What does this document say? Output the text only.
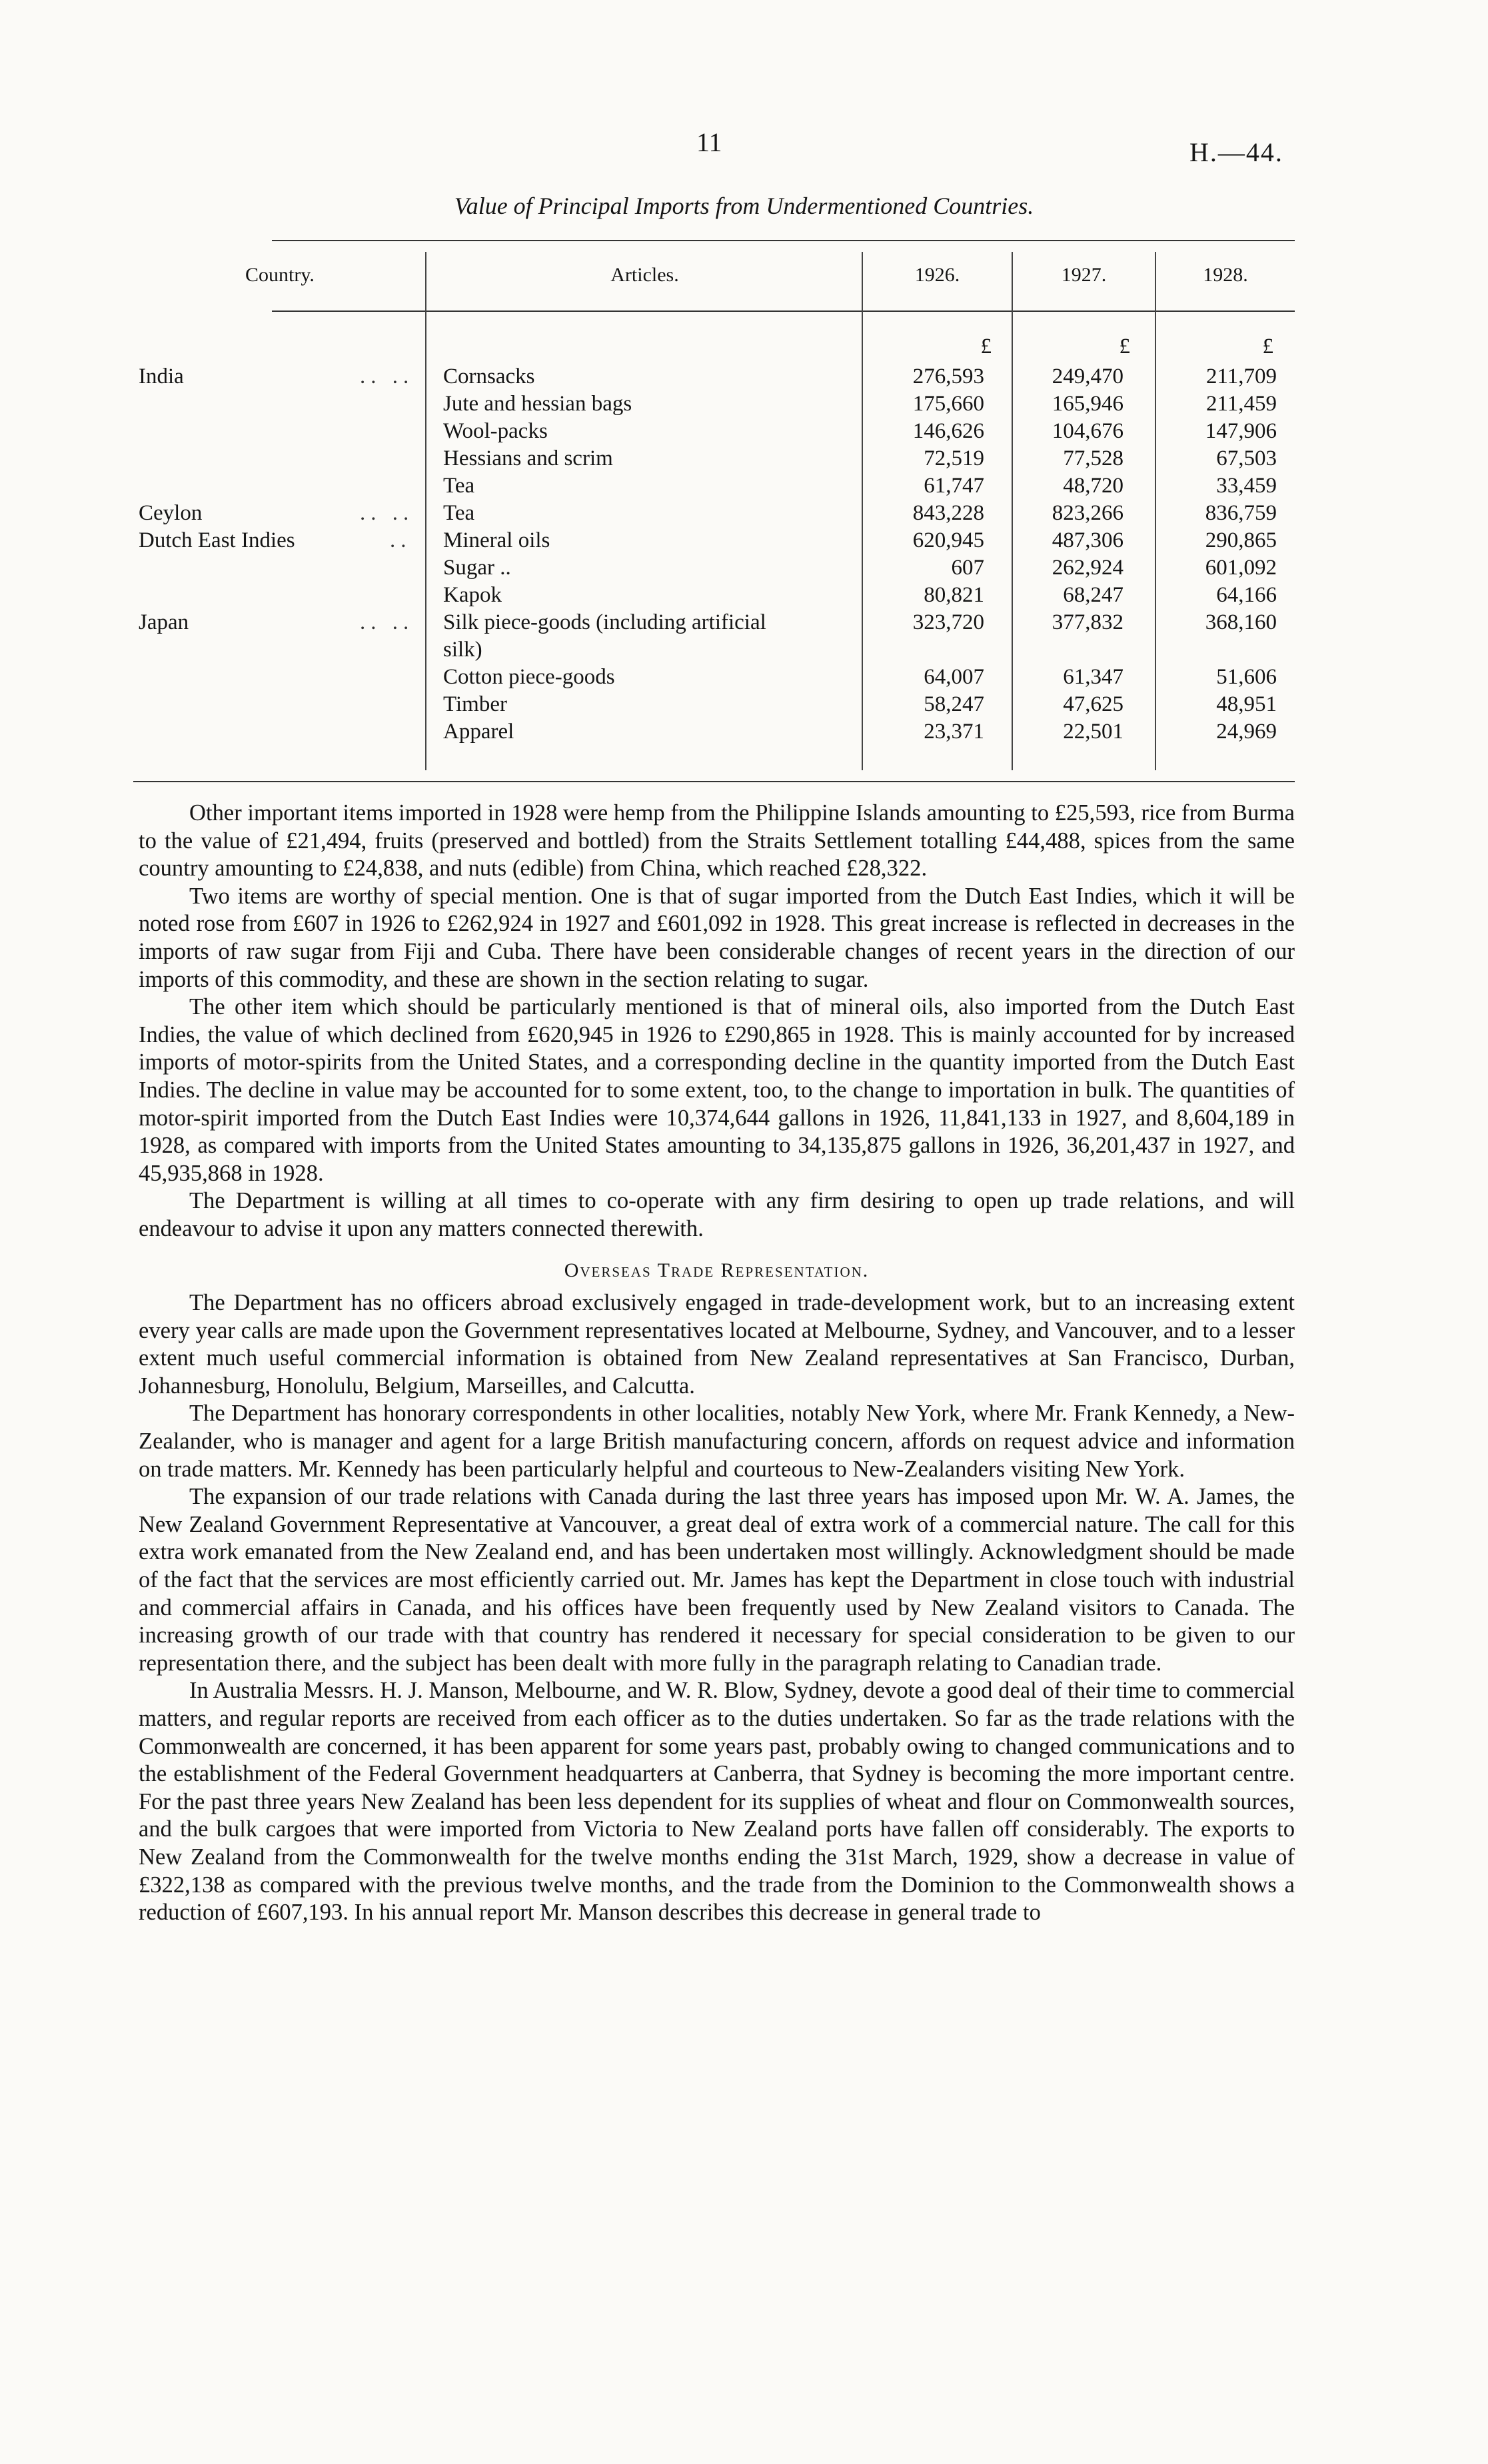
11	H.—44.
Value of Principal Imports from Undermentioned Countries.
Country.	Articles.	1926.	1927.	1928.
£	£	£
India	.. .. Cornsacks	276,593	249,470	211,709
Jute and hessian bags	175,660	165,946	211,459
Wool-packs	146,626	104,676	147,906
Hessians and scrim	72,519	77,528	67,503
Tea	61,747	48,720	33,459
Ceylon	.. .. Tea	843,228	823,266	836,759
Dutch East Indies	.. Mineral oils	620,945	487,306	290,865
Sugar ..	607	262,924	601,092
Kapok	80,821	68,247	64,166
Japan	.. .. Silk piece-goods (including artificial	323,720	377,832	368,160
silk)
Cotton piece-goods	64,007	61,347	51,606
Timber	58,247	47,625	48,951
Apparel	23,371	22,501	24,969

Other important items imported in 1928 were hemp from the Philippine Islands amounting to £25,593, rice from Burma to the value of £21,494, fruits (preserved and bottled) from the Straits Settlement totalling £44,488, spices from the same country amounting to £24,838, and nuts (edible) from China, which reached £28,322.

Two items are worthy of special mention. One is that of sugar imported from the Dutch East Indies, which it will be noted rose from £607 in 1926 to £262,924 in 1927 and £601,092 in 1928. This great increase is reflected in decreases in the imports of raw sugar from Fiji and Cuba. There have been considerable changes of recent years in the direction of our imports of this commodity, and these are shown in the section relating to sugar.

The other item which should be particularly mentioned is that of mineral oils, also imported from the Dutch East Indies, the value of which declined from £620,945 in 1926 to £290,865 in 1928. This is mainly accounted for by increased imports of motor-spirits from the United States, and a corresponding decline in the quantity imported from the Dutch East Indies. The decline in value may be accounted for to some extent, too, to the change to importation in bulk. The quantities of motor-spirit imported from the Dutch East Indies were 10,374,644 gallons in 1926, 11,841,133 in 1927, and 8,604,189 in 1928, as compared with imports from the United States amounting to 34,135,875 gallons in 1926, 36,201,437 in 1927, and 45,935,868 in 1928.

The Department is willing at all times to co-operate with any firm desiring to open up trade relations, and will endeavour to advise it upon any matters connected therewith.

Overseas Trade Representation.

The Department has no officers abroad exclusively engaged in trade-development work, but to an increasing extent every year calls are made upon the Government representatives located at Melbourne, Sydney, and Vancouver, and to a lesser extent much useful commercial information is obtained from New Zealand representatives at San Francisco, Durban, Johannesburg, Honolulu, Belgium, Marseilles, and Calcutta.

The Department has honorary correspondents in other localities, notably New York, where Mr. Frank Kennedy, a New-Zealander, who is manager and agent for a large British manufacturing concern, affords on request advice and information on trade matters. Mr. Kennedy has been particularly helpful and courteous to New-Zealanders visiting New York.

The expansion of our trade relations with Canada during the last three years has imposed upon Mr. W. A. James, the New Zealand Government Representative at Vancouver, a great deal of extra work of a commercial nature. The call for this extra work emanated from the New Zealand end, and has been undertaken most willingly. Acknowledgment should be made of the fact that the services are most efficiently carried out. Mr. James has kept the Department in close touch with industrial and commercial affairs in Canada, and his offices have been frequently used by New Zealand visitors to Canada. The increasing growth of our trade with that country has rendered it necessary for special consideration to be given to our representation there, and the subject has been dealt with more fully in the paragraph relating to Canadian trade.

In Australia Messrs. H. J. Manson, Melbourne, and W. R. Blow, Sydney, devote a good deal of their time to commercial matters, and regular reports are received from each officer as to the duties undertaken. So far as the trade relations with the Commonwealth are concerned, it has been apparent for some years past, probably owing to changed communications and to the establishment of the Federal Government headquarters at Canberra, that Sydney is becoming the more important centre. For the past three years New Zealand has been less dependent for its supplies of wheat and flour on Commonwealth sources, and the bulk cargoes that were imported from Victoria to New Zealand ports have fallen off considerably. The exports to New Zealand from the Commonwealth for the twelve months ending the 31st March, 1929, show a decrease in value of £322,138 as compared with the previous twelve months, and the trade from the Dominion to the Commonwealth shows a reduction of £607,193. In his annual report Mr. Manson describes this decrease in general trade to
